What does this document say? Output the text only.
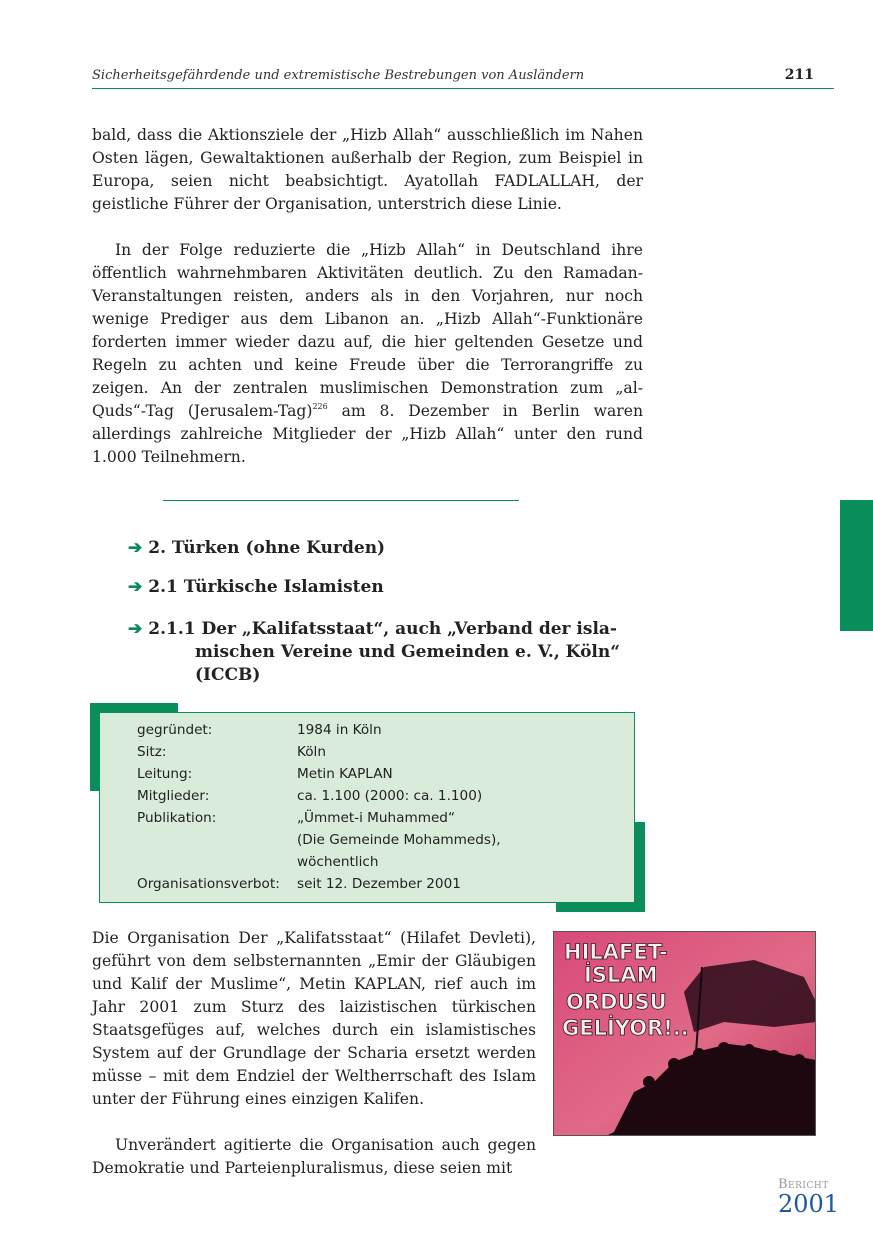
Sicherheitsgefährdende und extremistische Bestrebungen von Ausländern	211

bald, dass die Aktionsziele der „Hizb Allah“ ausschließlich im Nahen Osten lägen, Gewaltaktionen außerhalb der Region, zum Beispiel in Europa, seien nicht beabsichtigt. Ayatollah FADLALLAH, der geistliche Führer der Organisation, unterstrich diese Linie.

In der Folge reduzierte die „Hizb Allah“ in Deutschland ihre öffentlich wahrnehmbaren Aktivitäten deutlich. Zu den Ramadan-Veranstaltungen reisten, anders als in den Vorjahren, nur noch wenige Prediger aus dem Libanon an. „Hizb Allah“-Funktionäre forderten immer wieder dazu auf, die hier geltenden Gesetze und Regeln zu achten und keine Freude über die Terrorangriffe zu zeigen. An der zentralen muslimischen Demonstration zum „al-Quds“-Tag (Jerusalem-Tag)$^{226}$ am 8. Dezember in Berlin waren allerdings zahlreiche Mitglieder der „Hizb Allah“ unter den rund 1.000 Teilnehmern.

➔ 2. Türken (ohne Kurden)
➔ 2.1 Türkische Islamisten
➔ 2.1.1 Der „Kalifatsstaat“, auch „Verband der isla-
mischen Vereine und Gemeinden e. V., Köln“
(ICCB)
gegründet:	1984 in Köln
Sitz:	Köln
Leitung:	Metin KAPLAN
Mitglieder:	ca. 1.100 (2000: ca. 1.100)
Publikation:	„Ümmet-i Muhammed“
(Die Gemeinde Mohammeds),
wöchentlich
Organisationsverbot: seit 12. Dezember 2001

Die Organisation Der „Kalifatsstaat“ (Hilafet Devleti), geführt von dem selbsternannten „Emir der Gläubigen und Kalif der Muslime“, Metin KAPLAN, rief auch im Jahr 2001 zum Sturz des laizistischen türkischen Staatsgefüges auf, welches durch ein islamistisches System auf der Grundlage der Scharia ersetzt werden müsse – mit dem Endziel der Weltherrschaft des Islam unter der Führung eines einzigen Kalifen.

HILAFET-
İSLAM
ORDUSU
GELİYOR!..

Unverändert agitierte die Organisation auch gegen Demokratie und Parteienpluralismus, diese seien mit

Bericht
2001
